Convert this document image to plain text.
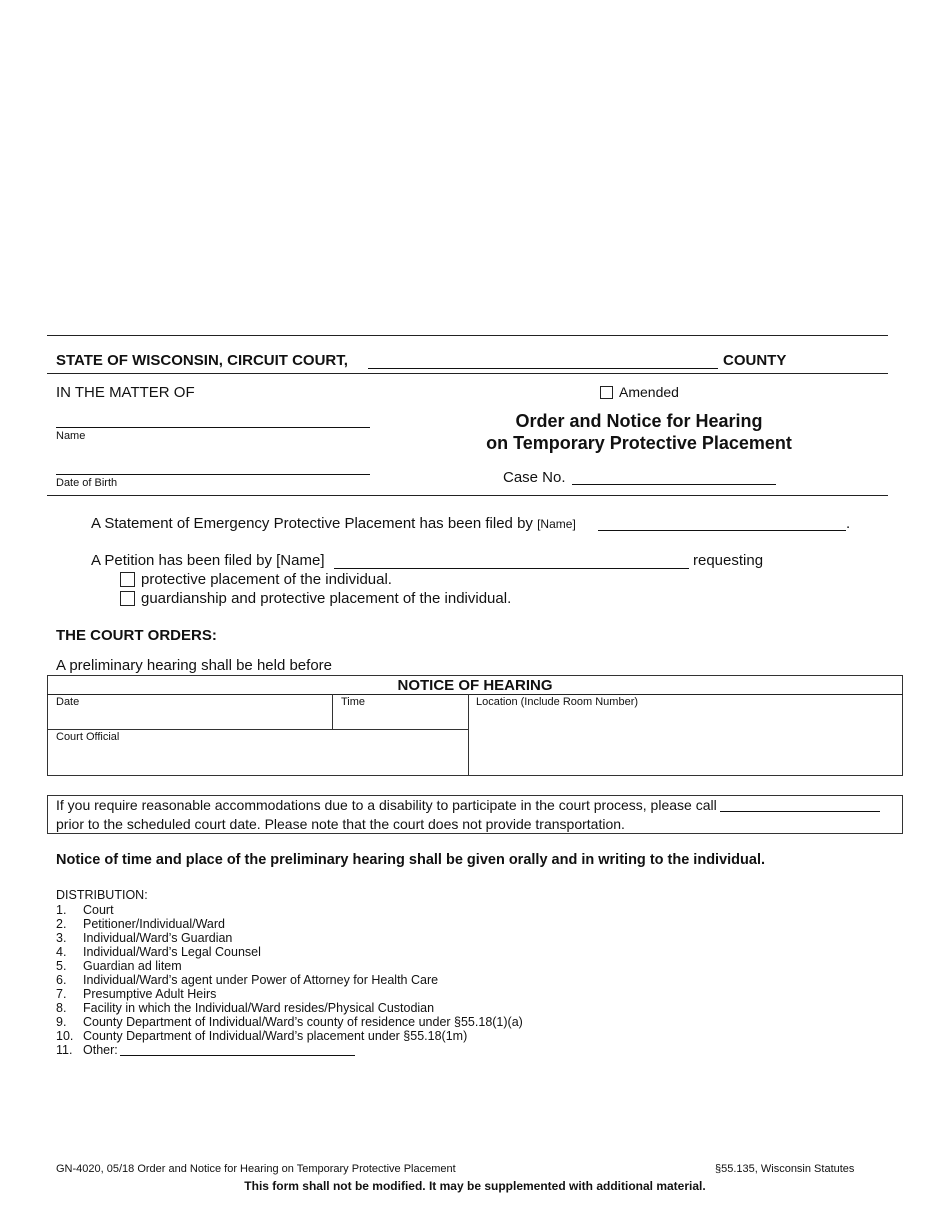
STATE OF WISCONSIN, CIRCUIT COURT,	COUNTY
IN THE MATTER OF
Name
Date of Birth
Amended
Order and Notice for Hearing
on Temporary Protective Placement
Case No.
A Statement of Emergency Protective Placement has been filed by [Name]	.
A Petition has been filed by [Name]	requesting
protective placement of the individual.
guardianship and protective placement of the individual.
THE COURT ORDERS:
A preliminary hearing shall be held before
NOTICE OF HEARING
Date	Time	Location (Include Room Number)
Court Official
If you require reasonable accommodations due to a disability to participate in the court process, please call
prior to the scheduled court date. Please note that the court does not provide transportation.
Notice of time and place of the preliminary hearing shall be given orally and in writing to the individual.
DISTRIBUTION:
1. Court
2. Petitioner/Individual/Ward
3. Individual/Ward’s Guardian
4. Individual/Ward’s Legal Counsel
5. Guardian ad litem
6. Individual/Ward’s agent under Power of Attorney for Health Care
7. Presumptive Adult Heirs
8. Facility in which the Individual/Ward resides/Physical Custodian
9. County Department of Individual/Ward’s county of residence under §55.18(1)(a)
10. County Department of Individual/Ward’s placement under §55.18(1m)
11. Other:
GN-4020, 05/18 Order and Notice for Hearing on Temporary Protective Placement	§55.135, Wisconsin Statutes
This form shall not be modified. It may be supplemented with additional material.
